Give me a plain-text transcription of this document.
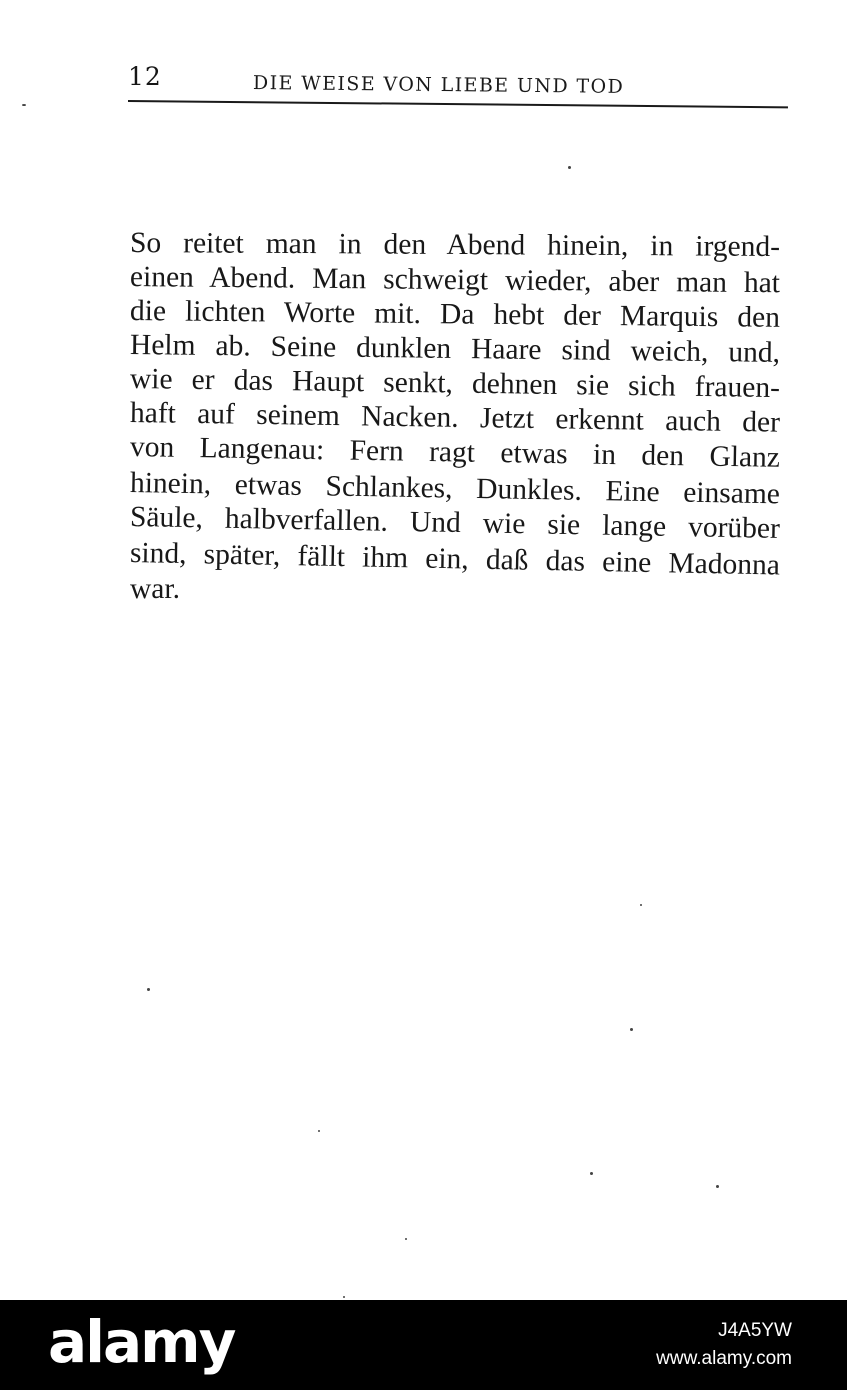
12	DIE WEISE VON LIEBE UND TOD
So reitet man in den Abend hinein, in irgend-
einen Abend. Man schweigt wieder, aber man hat
die lichten Worte mit. Da hebt der Marquis den
Helm ab. Seine dunklen Haare sind weich, und,
wie er das Haupt senkt, dehnen sie sich frauen-
haft auf seinem Nacken. Jetzt erkennt auch der
von Langenau: Fern ragt etwas in den Glanz
hinein, etwas Schlankes, Dunkles. Eine einsame
Säule, halbverfallen. Und wie sie lange vorüber
sind, später, fällt ihm ein, daß das eine Madonna
war.
alamy	J4A5YW
www.alamy.com
